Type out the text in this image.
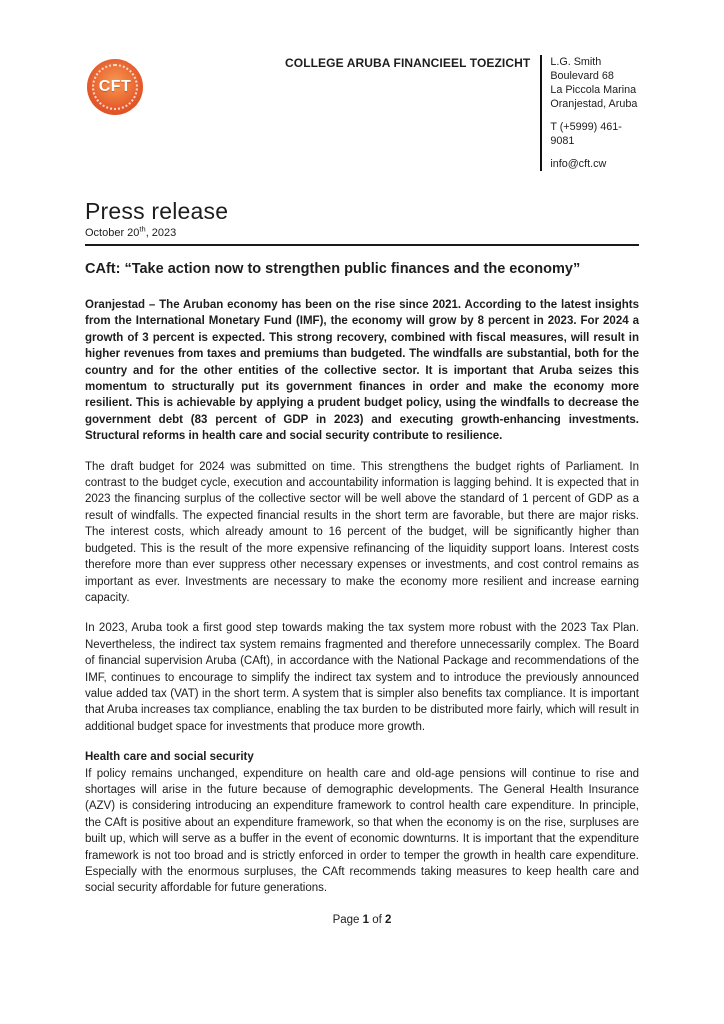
CFT
COLLEGE ARUBA FINANCIEEL TOEZICHT	L.G. Smith Boulevard 68
La Piccola Marina
Oranjestad, Aruba
T (+5999) 461-9081
info@cft.cw
Press release
October 20th, 2023
CAft: “Take action now to strengthen public finances and the economy”

Oranjestad – The Aruban economy has been on the rise since 2021. According to the latest insights from the International Monetary Fund (IMF), the economy will grow by 8 percent in 2023. For 2024 a growth of 3 percent is expected. This strong recovery, combined with fiscal measures, will result in higher revenues from taxes and premiums than budgeted. The windfalls are substantial, both for the country and for the other entities of the collective sector. It is important that Aruba seizes this momentum to structurally put its government finances in order and make the economy more resilient. This is achievable by applying a prudent budget policy, using the windfalls to decrease the government debt (83 percent of GDP in 2023) and executing growth-enhancing investments. Structural reforms in health care and social security contribute to resilience.

The draft budget for 2024 was submitted on time. This strengthens the budget rights of Parliament. In contrast to the budget cycle, execution and accountability information is lagging behind. It is expected that in 2023 the financing surplus of the collective sector will be well above the standard of 1 percent of GDP as a result of windfalls. The expected financial results in the short term are favorable, but there are major risks. The interest costs, which already amount to 16 percent of the budget, will be significantly higher than budgeted. This is the result of the more expensive refinancing of the liquidity support loans. Interest costs therefore more than ever suppress other necessary expenses or investments, and cost control remains as important as ever. Investments are necessary to make the economy more resilient and increase earning capacity.

In 2023, Aruba took a first good step towards making the tax system more robust with the 2023 Tax Plan. Nevertheless, the indirect tax system remains fragmented and therefore unnecessarily complex. The Board of financial supervision Aruba (CAft), in accordance with the National Package and recommendations of the IMF, continues to encourage to simplify the indirect tax system and to introduce the previously announced value added tax (VAT) in the short term. A system that is simpler also benefits tax compliance. It is important that Aruba increases tax compliance, enabling the tax burden to be distributed more fairly, which will result in additional budget space for investments that produce more growth.

Health care and social security

If policy remains unchanged, expenditure on health care and old-age pensions will continue to rise and shortages will arise in the future because of demographic developments. The General Health Insurance (AZV) is considering introducing an expenditure framework to control health care expenditure. In principle, the CAft is positive about an expenditure framework, so that when the economy is on the rise, surpluses are built up, which will serve as a buffer in the event of economic downturns. It is important that the expenditure framework is not too broad and is strictly enforced in order to temper the growth in health care expenditure. Especially with the enormous surpluses, the CAft recommends taking measures to keep health care and social security affordable for future generations.

Page 1 of 2
